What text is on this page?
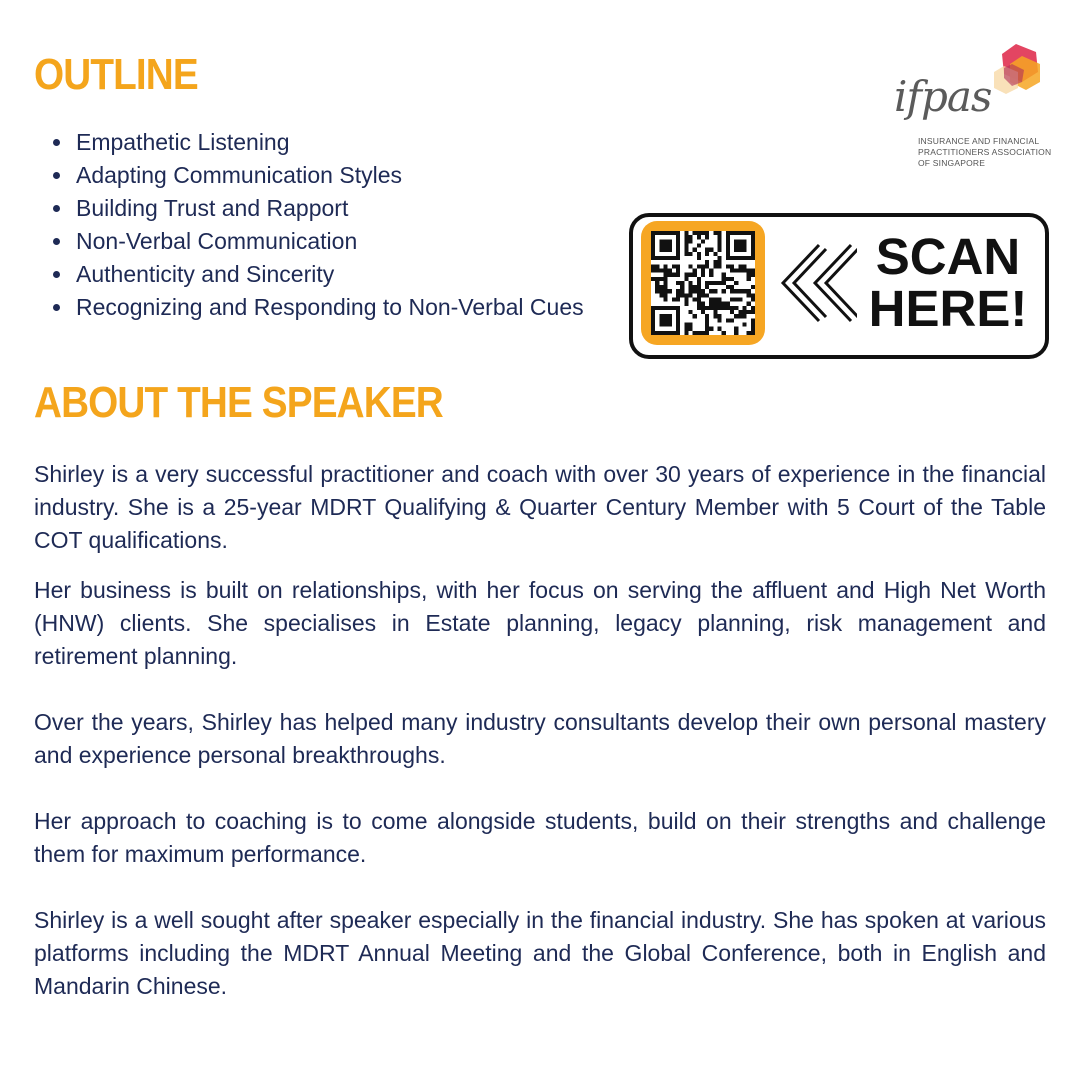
OUTLINE
• Empathetic Listening
• Adapting Communication Styles
• Building Trust and Rapport
• Non-Verbal Communication
• Authenticity and Sincerity
• Recognizing and Responding to Non-Verbal Cues
ifpas
INSURANCE AND FINANCIAL PRACTITIONERS ASSOCIATION OF SINGAPORE
SCAN
HERE!
ABOUT THE SPEAKER

Shirley is a very successful practitioner and coach with over 30 years of experience in the financial industry. She is a 25-year MDRT Qualifying & Quarter Century Member with 5 Court of the Table COT qualifications.

Her business is built on relationships, with her focus on serving the affluent and High Net Worth (HNW) clients. She specialises in Estate planning, legacy planning, risk management and retirement planning.

Over the years, Shirley has helped many industry consultants develop their own personal mastery and experience personal breakthroughs.

Her approach to coaching is to come alongside students, build on their strengths and challenge them for maximum performance.

Shirley is a well sought after speaker especially in the financial industry. She has spoken at various platforms including the MDRT Annual Meeting and the Global Conference, both in English and Mandarin Chinese.
